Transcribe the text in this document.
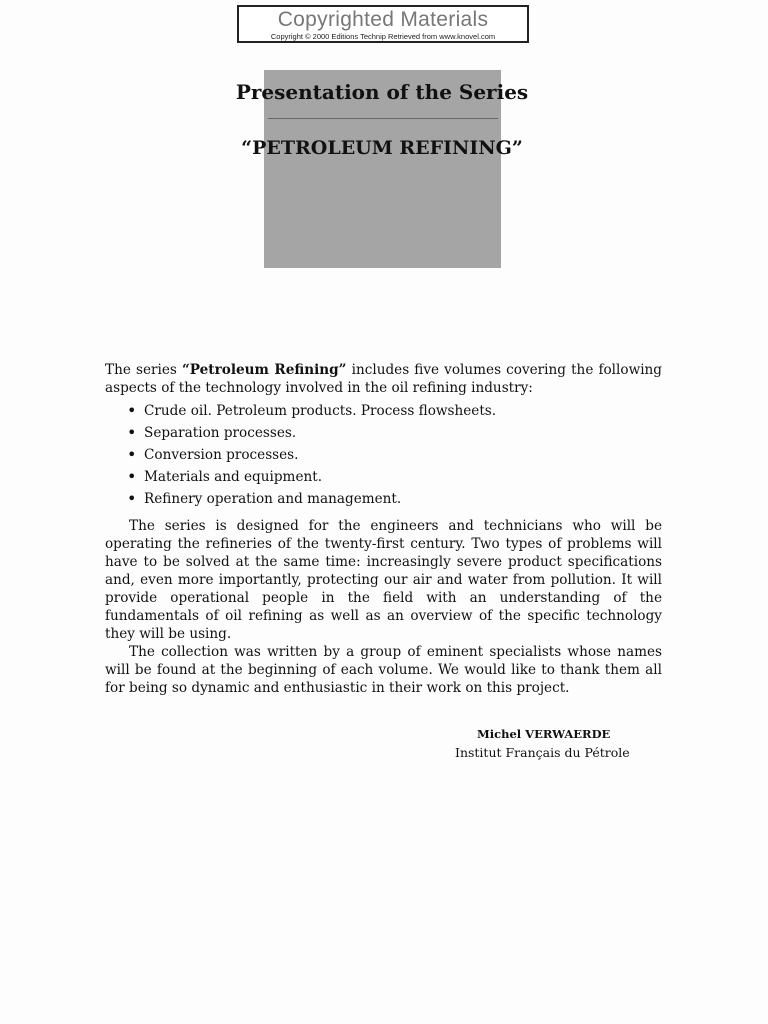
Copyrighted Materials
Copyright © 2000 Editions Technip Retrieved from www.knovel.com
Presentation of the Series
“PETROLEUM REFINING”

The series “Petroleum Refining” includes five volumes covering the following aspects of the technology involved in the oil refining industry:

• Crude oil. Petroleum products. Process flowsheets.
• Separation processes.
• Conversion processes.
• Materials and equipment.
• Refinery operation and management.

The series is designed for the engineers and technicians who will be operating the refineries of the twenty-first century. Two types of problems will have to be solved at the same time: increasingly severe product specifications and, even more importantly, protecting our air and water from pollution. It will provide operational people in the field with an understanding of the fundamentals of oil refining as well as an overview of the specific technology they will be using.

The collection was written by a group of eminent specialists whose names will be found at the beginning of each volume. We would like to thank them all for being so dynamic and enthusiastic in their work on this project.

Michel VERWAERDE
Institut Français du Pétrole
